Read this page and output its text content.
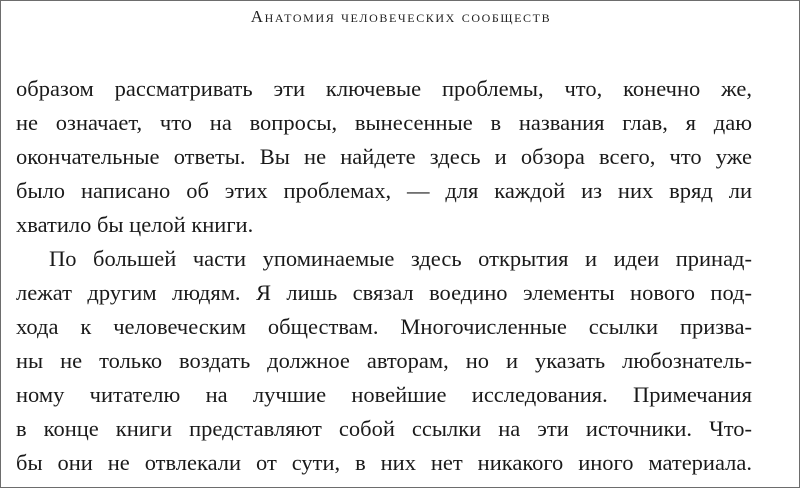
Анатомия человеческих сообществ
образом рассматривать эти ключевые проблемы, что, конечно же,
не означает, что на вопросы, вынесенные в названия глав, я даю
окончательные ответы. Вы не найдете здесь и обзора всего, что уже
было написано об этих проблемах, — для каждой из них вряд ли
хватило бы целой книги.
По большей части упоминаемые здесь открытия и идеи принад-
лежат другим людям. Я лишь связал воедино элементы нового под-
хода к человеческим обществам. Многочисленные ссылки призва-
ны не только воздать должное авторам, но и указать любознатель-
ному читателю на лучшие новейшие исследования. Примечания
в конце книги представляют собой ссылки на эти источники. Что-
бы они не отвлекали от сути, в них нет никакого иного материала.
